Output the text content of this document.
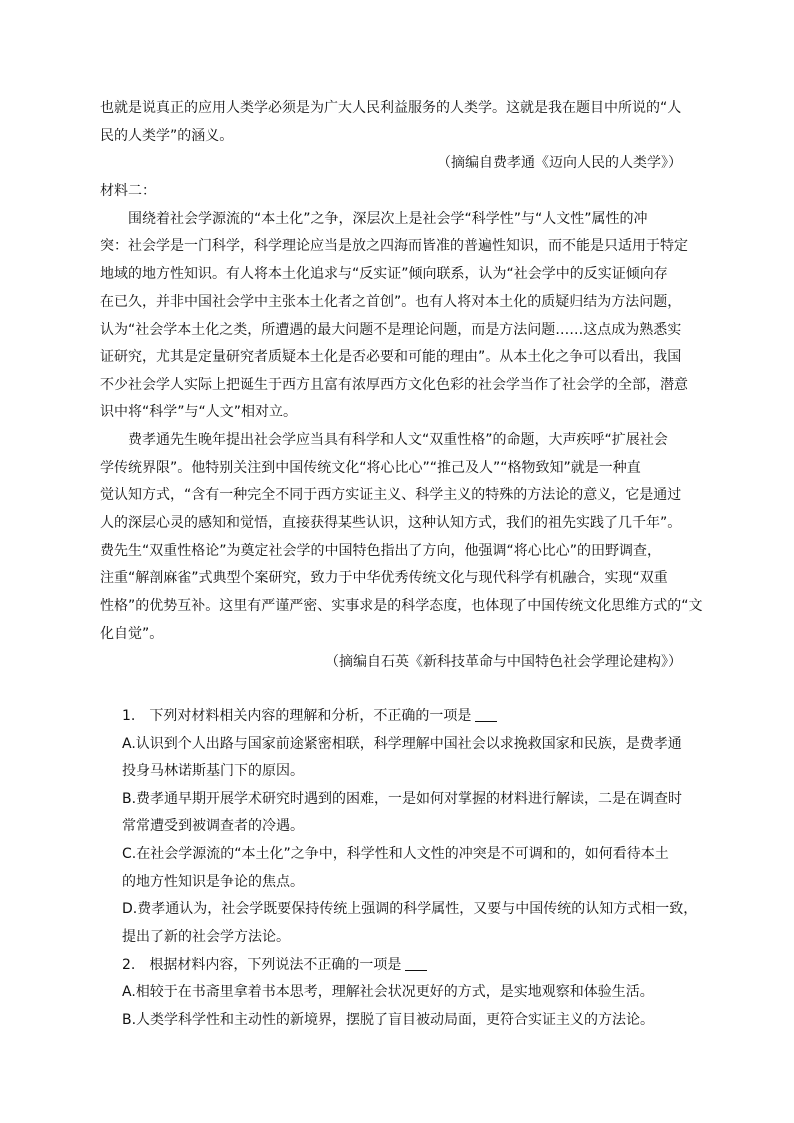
也就是说真正的应用人类学必须是为广大人民利益服务的人类学。这就是我在题目中所说的“人
民的人类学”的涵义。
（摘编自费孝通《迈向人民的人类学》）
材料二：
　　围绕着社会学源流的“本土化”之争，深层次上是社会学“科学性”与“人文性”属性的冲
突：社会学是一门科学，科学理论应当是放之四海而皆准的普遍性知识，而不能是只适用于特定
地域的地方性知识。有人将本土化追求与“反实证”倾向联系，认为“社会学中的反实证倾向存
在已久，并非中国社会学中主张本土化者之首创”。也有人将对本土化的质疑归结为方法问题，
认为“社会学本土化之类，所遭遇的最大问题不是理论问题，而是方法问题……这点成为熟悉实
证研究，尤其是定量研究者质疑本土化是否必要和可能的理由”。从本土化之争可以看出，我国
不少社会学人实际上把诞生于西方且富有浓厚西方文化色彩的社会学当作了社会学的全部，潜意
识中将“科学”与“人文”相对立。
　　费孝通先生晚年提出社会学应当具有科学和人文“双重性格”的命题，大声疾呼“扩展社会
学传统界限”。他特别关注到中国传统文化“将心比心”“推己及人”“格物致知”就是一种直
觉认知方式，“含有一种完全不同于西方实证主义、科学主义的特殊的方法论的意义，它是通过
人的深层心灵的感知和觉悟，直接获得某些认识，这种认知方式，我们的祖先实践了几千年”。
费先生“双重性格论”为奠定社会学的中国特色指出了方向，他强调“将心比心”的田野调查，
注重“解剖麻雀”式典型个案研究，致力于中华优秀传统文化与现代科学有机融合，实现“双重
性格”的优势互补。这里有严谨严密、实事求是的科学态度，也体现了中国传统文化思维方式的“文
化自觉”。
（摘编自石英《新科技革命与中国特色社会学理论建构》）
1.　下列对材料相关内容的理解和分析，不正确的一项是
A.认识到个人出路与国家前途紧密相联，科学理解中国社会以求挽救国家和民族，是费孝通
投身马林诺斯基门下的原因。
B.费孝通早期开展学术研究时遇到的困难，一是如何对掌握的材料进行解读，二是在调查时
常常遭受到被调查者的冷遇。
C.在社会学源流的“本土化”之争中，科学性和人文性的冲突是不可调和的，如何看待本土
的地方性知识是争论的焦点。
D.费孝通认为，社会学既要保持传统上强调的科学属性，又要与中国传统的认知方式相一致，
提出了新的社会学方法论。
2.　根据材料内容，下列说法不正确的一项是
A.相较于在书斋里拿着书本思考，理解社会状况更好的方式，是实地观察和体验生活。
B.人类学科学性和主动性的新境界，摆脱了盲目被动局面，更符合实证主义的方法论。
